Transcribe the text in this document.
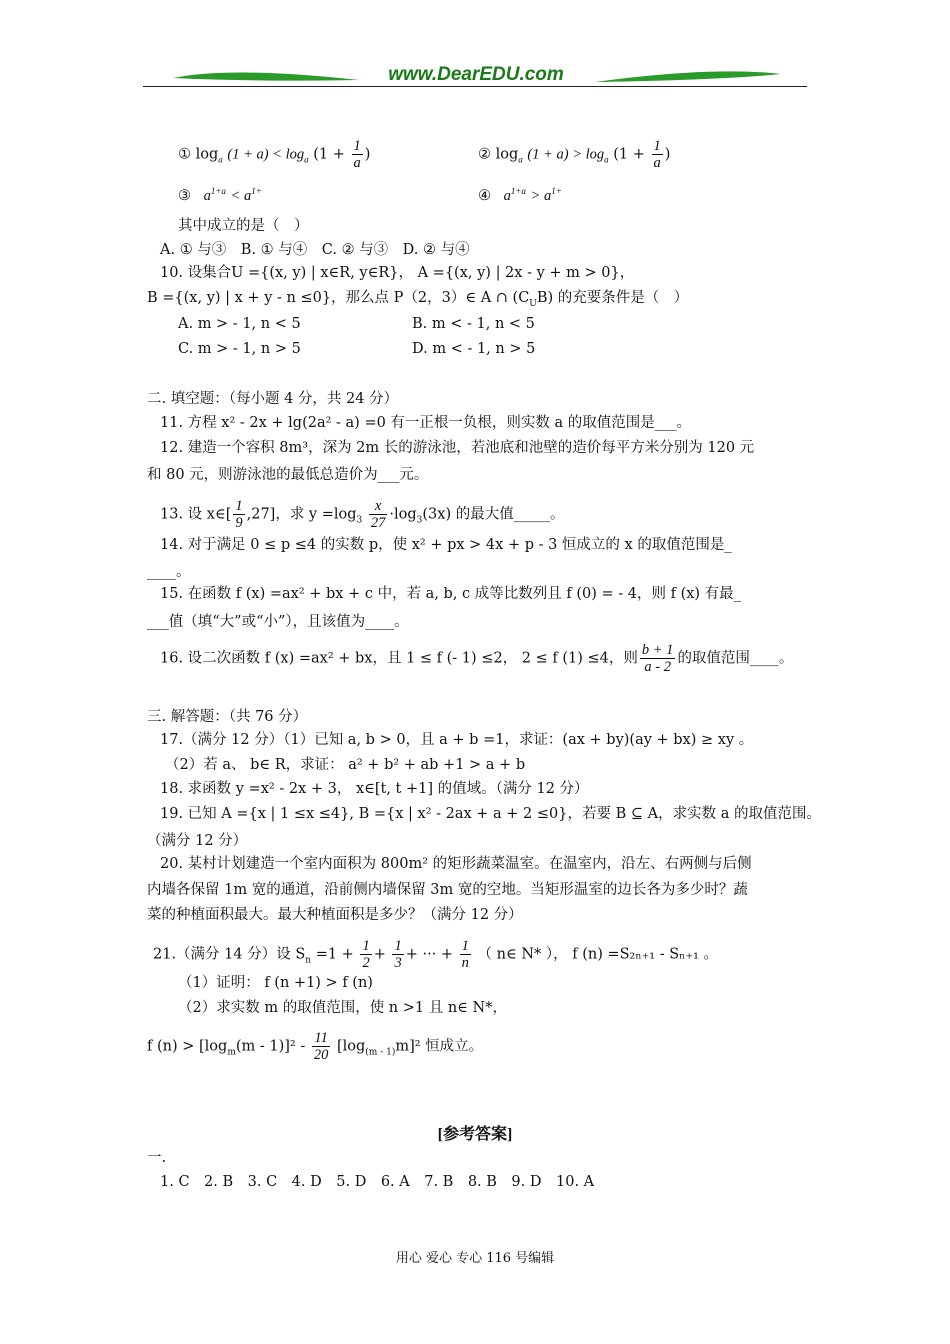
www.DearEDU.com
① $\log_a (1 + a) < \log_a (1 + \frac{1}{a}$ )	② $\log_a (1 + a) > \log_a (1 + \frac{1}{a}$ )
③ $a^{1+a} < a^{1+}$	④ $a^{1+a} > a^{1+}$
其中成立的是（　）
A. ① 与③　B. ① 与④　C. ② 与③　D. ② 与④
10. 设集合U ={(x, y) | x∈R, y∈R}， A ={(x, y) | 2x - y + m > 0}，
B ={(x, y) | x + y - n ≤0}，那么点 P（2，3）∈ A ∩ $(C_UB)$ 的充要条件是（　）
A. m > - 1, n < 5	B. m < - 1, n < 5
C. m > - 1, n > 5	D. m < - 1, n > 5
二. 填空题：（每小题 4 分，共 24 分）
11. 方程 x² - 2x + lg(2a² - a) =0 有一正根一负根，则实数 a 的取值范围是___。
12. 建造一个容积 8m³，深为 2m 长的游泳池，若池底和池壁的造价每平方米分别为 120 元
和 80 元，则游泳池的最低总造价为___元。
13. 设 x∈[ $\frac{1}{9} ,27$]，求 $y =\log_3 \frac{x}{27} \cdot\log_3(3x)$ 的最大值_____。
14. 对于满足 0 ≤ p ≤4 的实数 p，使 x² + px > 4x + p - 3 恒成立的 x 的取值范围是_
____。
15. 在函数 f (x) =ax² + bx + c 中，若 a, b, c 成等比数列且 f (0) = - 4，则 f (x) 有最_
___值（填“大”或“小”），且该值为____。
16. 设二次函数 f (x) =ax² + bx，且 1 ≤ f (- 1) ≤2， 2 ≤ f (1) ≤4，则 $\frac{b + 1}{a - 2}$ 的取值范围____。
三. 解答题：（共 76 分）
17.（满分 12 分）（1）已知 a, b > 0，且 a + b =1，求证：(ax + by)(ay + bx) ≥ xy 。
（2）若 a、 b∈ R，求证： a² + b² + ab +1 > a + b
18. 求函数 y =x² - 2x + 3， x∈[t, t +1] 的值域。（满分 12 分）
19. 已知 A ={x | 1 ≤x ≤4}, B ={x | x² - 2ax + a + 2 ≤0}，若要 B ⊆ A，求实数 a 的取值范围。
（满分 12 分）
20. 某村计划建造一个室内面积为 800m² 的矩形蔬菜温室。在温室内，沿左、右两侧与后侧
内墙各保留 1m 宽的通道，沿前侧内墙保留 3m 宽的空地。当矩形温室的边长各为多少时？蔬
菜的种植面积最大。最大种植面积是多少？（满分 12 分）
21.（满分 14 分）设 $S_n =1 + \frac{1}{2} + \frac{1}{3}$ + ··· + $\frac{1}{n}$ （ n∈ N* ）， f (n) =S₂ₙ₊₁ - Sₙ₊₁ 。
（1）证明： f (n +1) > f (n)
（2）求实数 m 的取值范围，使 n >1 且 n∈ N*，
f $(n) > [\log_m(m - 1)]^2 - \frac{11}{20} [\log_{(m - 1)}m]^2$ 恒成立。
[参考答案]
一.
1. C　2. B　3. C　4. D　5. D　6. A　7. B　8. B　9. D　10. A
用心 爱心 专心 116 号编辑
